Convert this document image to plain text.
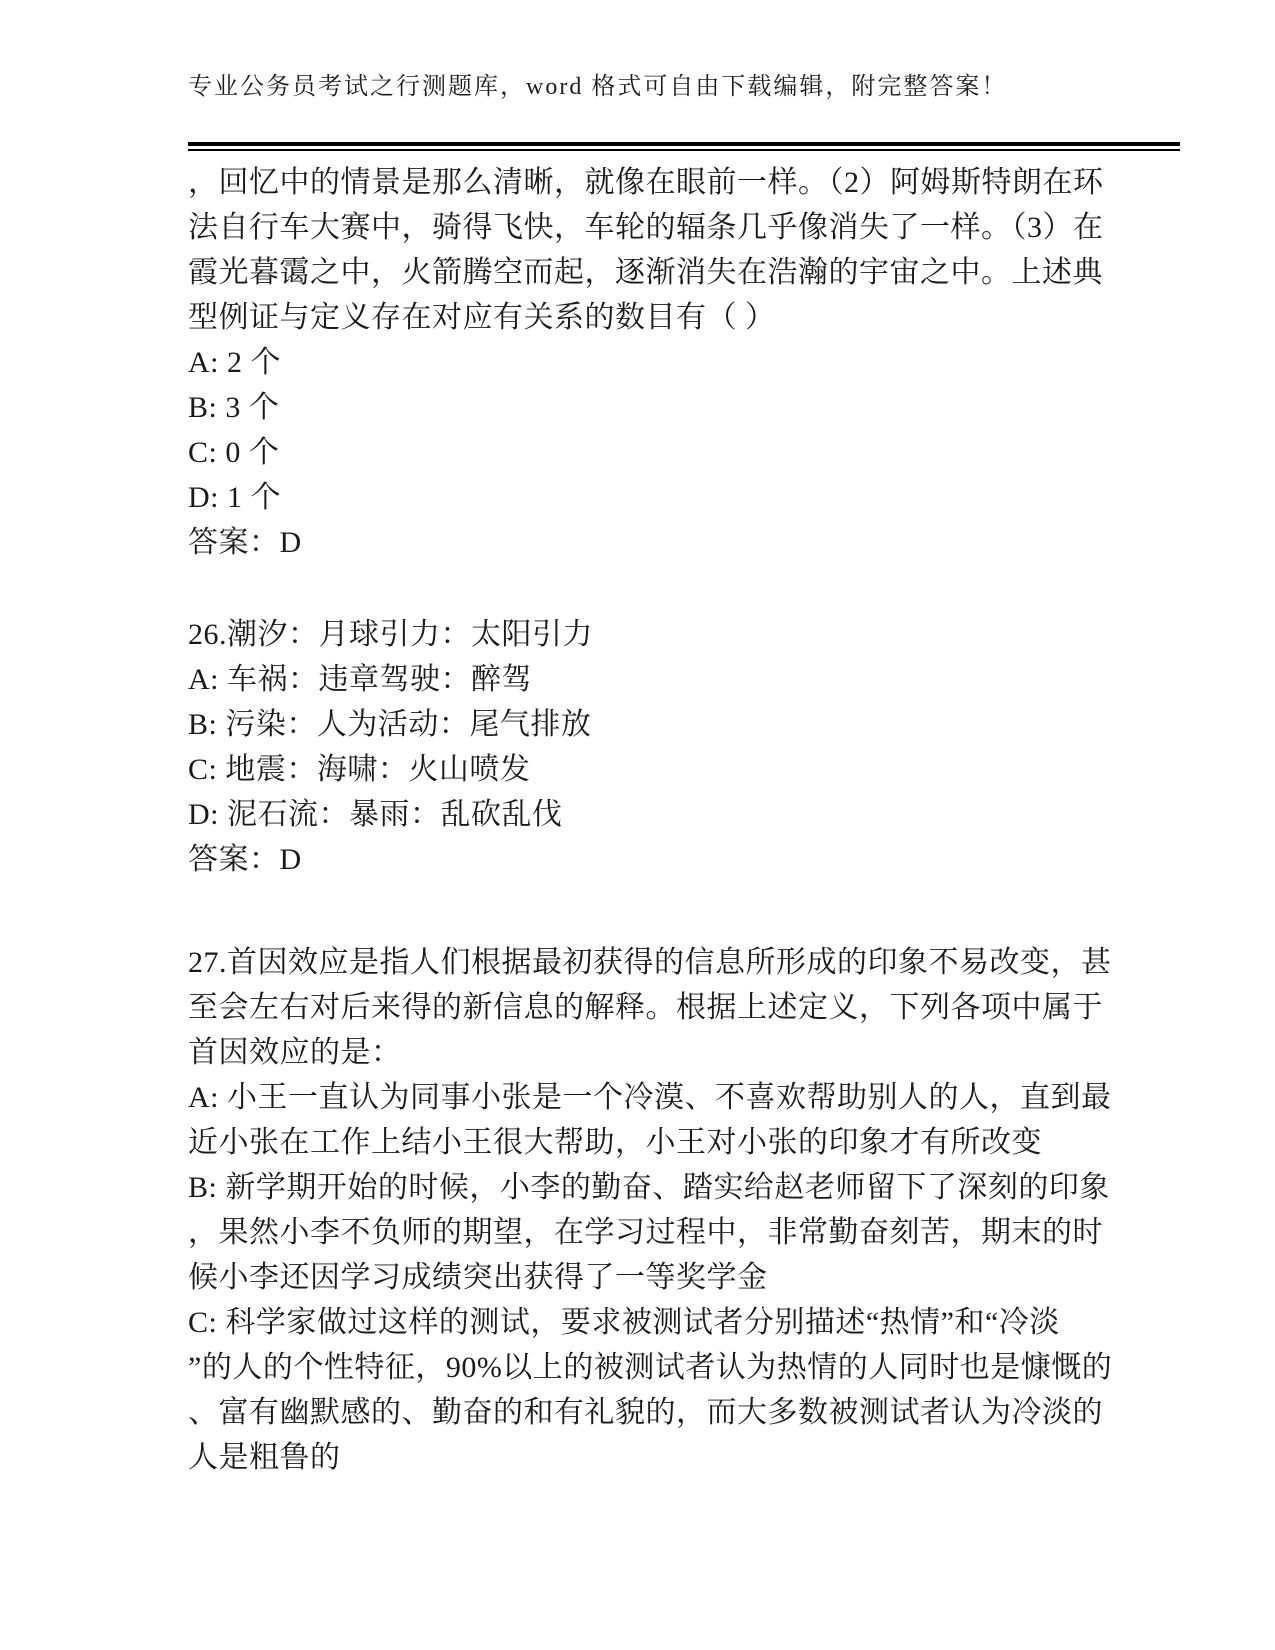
专业公务员考试之行测题库，word 格式可自由下载编辑，附完整答案！
，回忆中的情景是那么清晰，就像在眼前一样。（2）阿姆斯特朗在环
法自行车大赛中，骑得飞快，车轮的辐条几乎像消失了一样。（3）在
霞光暮霭之中，火箭腾空而起，逐渐消失在浩瀚的宇宙之中。上述典
型例证与定义存在对应有关系的数目有（ ）
A: 2 个
B: 3 个
C: 0 个
D: 1 个
答案：D
26.潮汐：月球引力：太阳引力
A: 车祸：违章驾驶：醉驾
B: 污染：人为活动：尾气排放
C: 地震：海啸：火山喷发
D: 泥石流：暴雨：乱砍乱伐
答案：D
27.首因效应是指人们根据最初获得的信息所形成的印象不易改变，甚
至会左右对后来得的新信息的解释。根据上述定义，下列各项中属于
首因效应的是：
A: 小王一直认为同事小张是一个冷漠、不喜欢帮助别人的人，直到最
近小张在工作上结小王很大帮助，小王对小张的印象才有所改变
B: 新学期开始的时候，小李的勤奋、踏实给赵老师留下了深刻的印象
，果然小李不负师的期望，在学习过程中，非常勤奋刻苦，期末的时
候小李还因学习成绩突出获得了一等奖学金
C: 科学家做过这样的测试，要求被测试者分别描述“热情”和“冷淡
”的人的个性特征，90%以上的被测试者认为热情的人同时也是慷慨的
、富有幽默感的、勤奋的和有礼貌的，而大多数被测试者认为冷淡的
人是粗鲁的
